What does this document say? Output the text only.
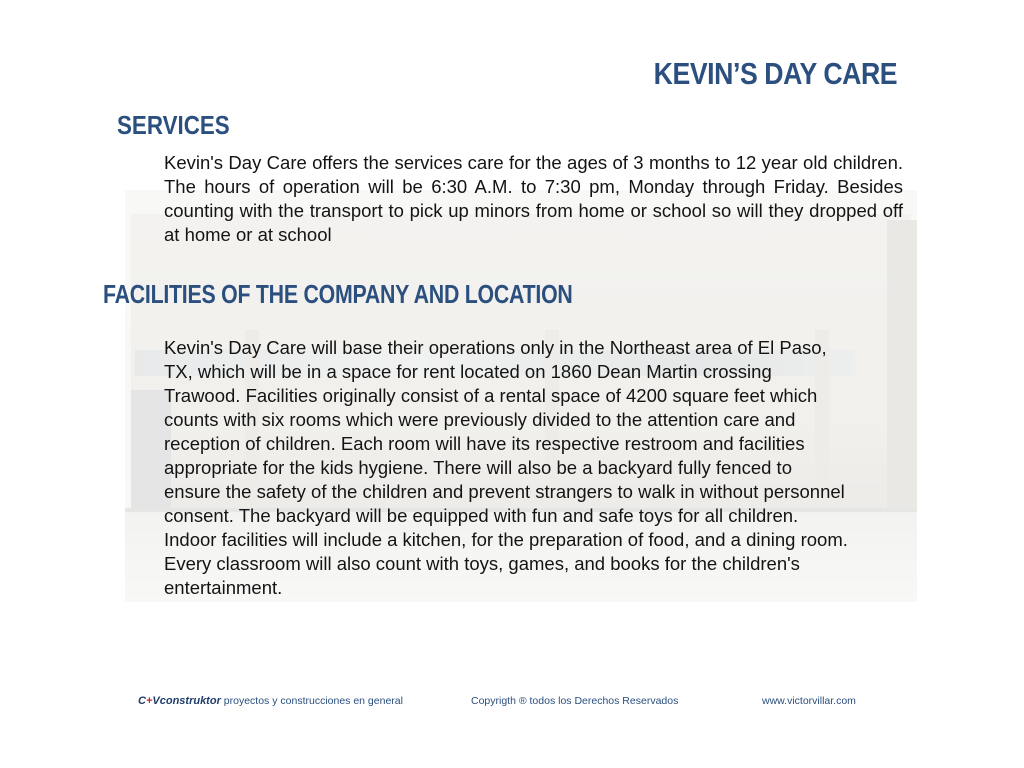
KEVIN’S DAY CARE
SERVICES

Kevin's Day Care offers the services care for the ages of 3 months to 12 year old children. The hours of operation will be 6:30 A.M. to 7:30 pm, Monday through Friday. Besides counting with the transport to pick up minors from home or school so will they dropped off at home or at school

FACILITIES OF THE COMPANY AND LOCATION

Kevin's Day Care will base their operations only in the Northeast area of El Paso,
TX, which will be in a space for rent located on 1860 Dean Martin crossing
Trawood. Facilities originally consist of a rental space of 4200 square feet which
counts with six rooms which were previously divided to the attention care and
reception of children. Each room will have its respective restroom and facilities
appropriate for the kids hygiene. There will also be a backyard fully fenced to
ensure the safety of the children and prevent strangers to walk in without personnel
consent. The backyard will be equipped with fun and safe toys for all children.
Indoor facilities will include a kitchen, for the preparation of food, and a dining room.
Every classroom will also count with toys, games, and books for the children's
entertainment.

C+Vconstruktor proyectos y construcciones en general	Copyrigth ® todos los Derechos Reservados	www.victorvillar.com
